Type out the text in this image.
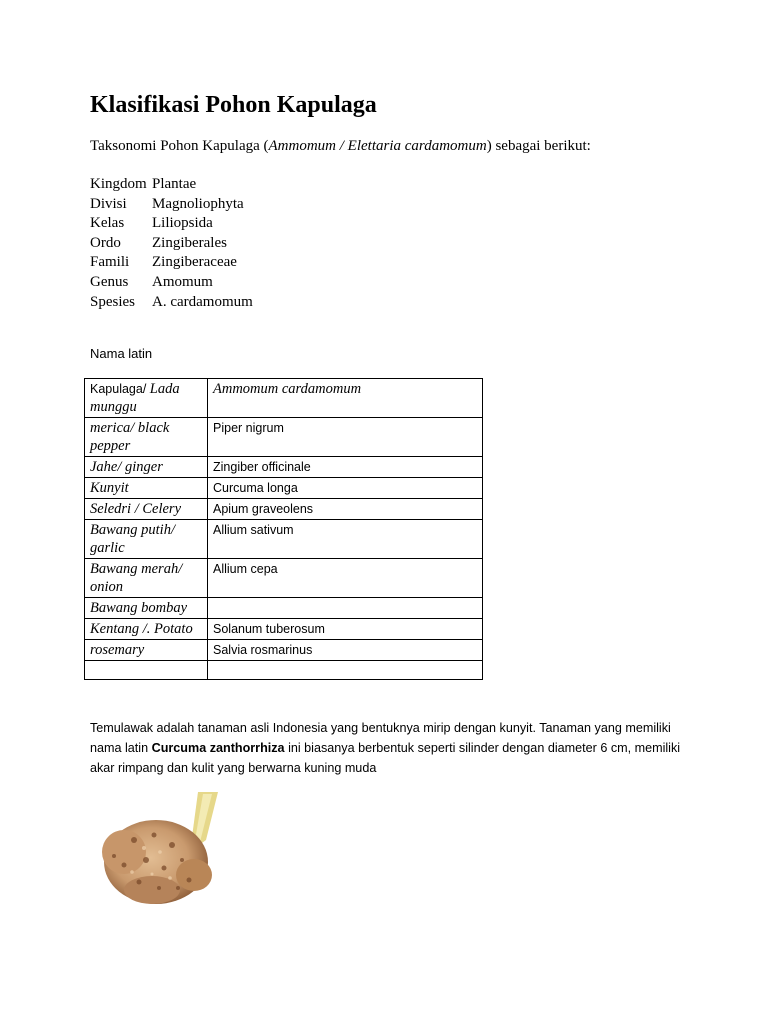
Klasifikasi Pohon Kapulaga
Taksonomi Pohon Kapulaga (Ammomum / Elettaria cardamomum) sebagai berikut:
Kingdom Plantae
Divisi	Magnoliophyta
Kelas	Liliopsida
Ordo	Zingiberales
Famili	Zingiberaceae
Genus	Amomum
Spesies	A. cardamomum
Nama latin
Kapulaga/ Lada munggu	Ammomum cardamomum
merica/ black pepper	Piper nigrum
Jahe/ ginger	Zingiber officinale
Kunyit	Curcuma longa
Seledri / Celery	Apium graveolens
Bawang putih/ garlic	Allium sativum
Bawang merah/ onion	Allium cepa
Bawang bombay	
Kentang /. Potato	Solanum tuberosum
rosemary	Salvia rosmarinus

Temulawak adalah tanaman asli Indonesia yang bentuknya mirip dengan kunyit. Tanaman yang memiliki nama latin Curcuma zanthorrhiza ini biasanya berbentuk seperti silinder dengan diameter 6 cm, memiliki akar rimpang dan kulit yang berwarna kuning muda
